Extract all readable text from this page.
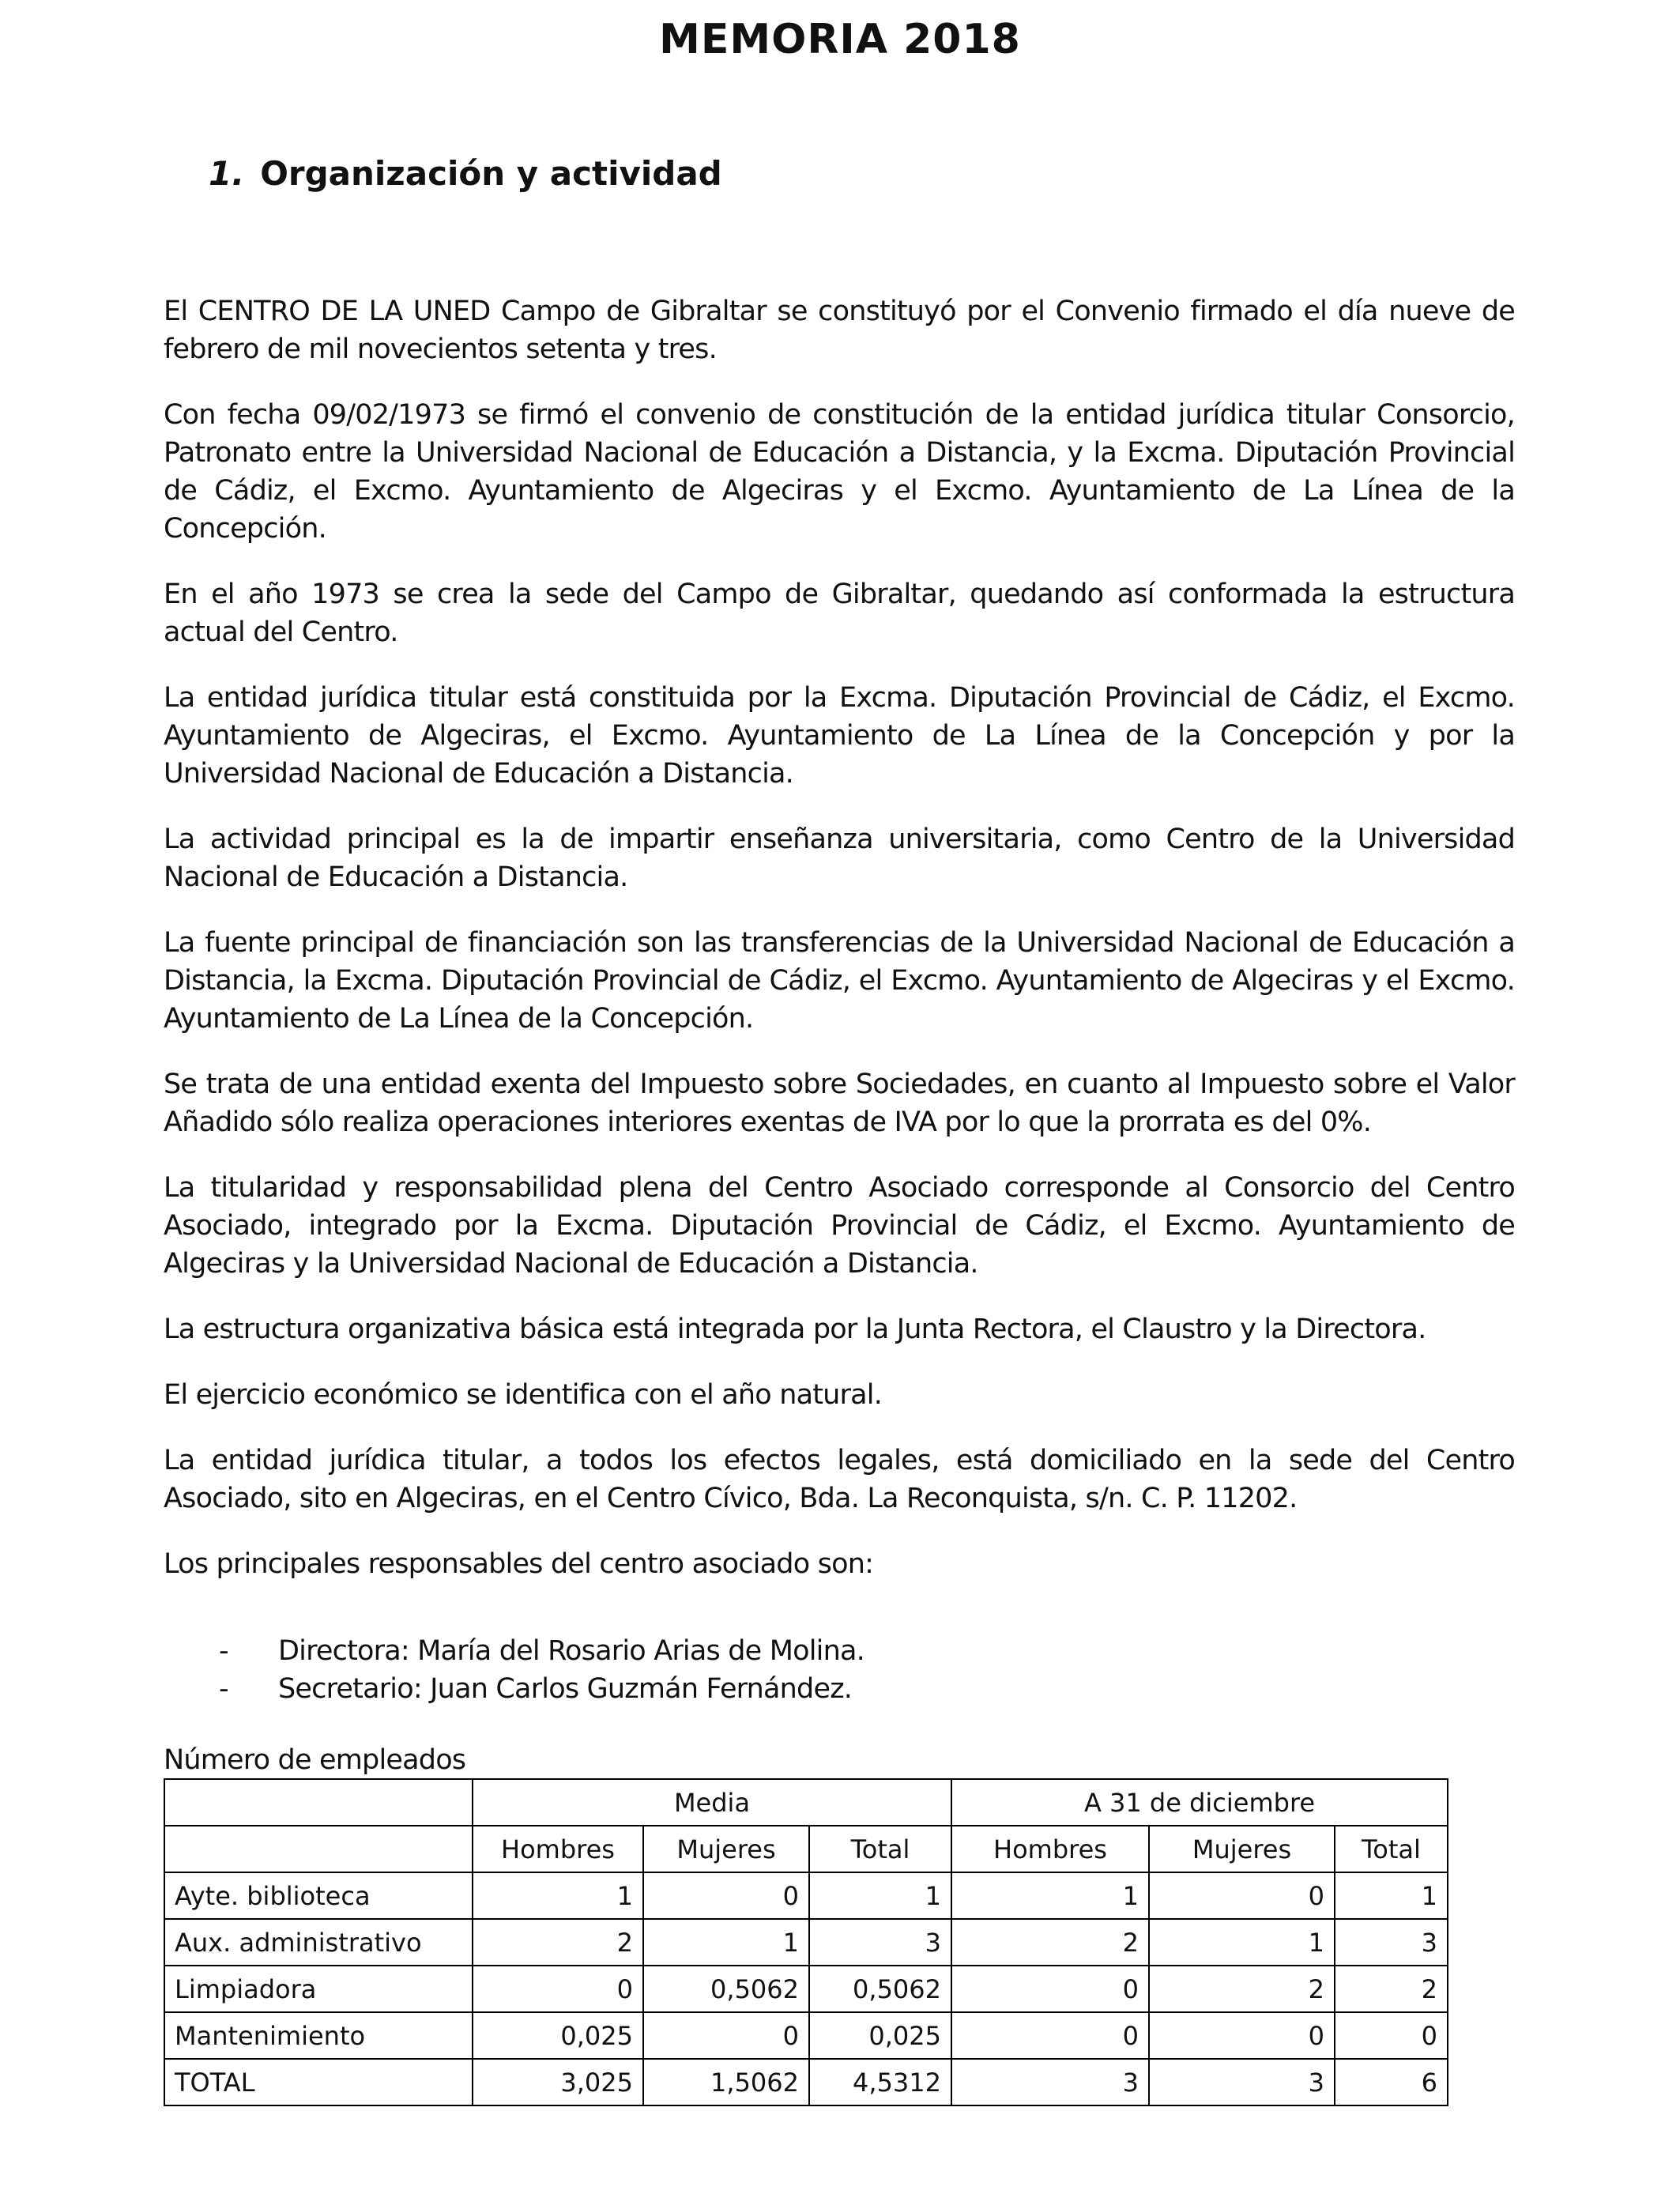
MEMORIA 2018
1. Organización y actividad

El CENTRO DE LA UNED Campo de Gibraltar se constituyó por el Convenio firmado el día nueve de febrero de mil novecientos setenta y tres.

Con fecha 09/02/1973 se firmó el convenio de constitución de la entidad jurídica titular Consorcio, Patronato entre la Universidad Nacional de Educación a Distancia, y la Excma. Diputación Provincial de Cádiz, el Excmo. Ayuntamiento de Algeciras y el Excmo. Ayuntamiento de La Línea de la Concepción.

En el año 1973 se crea la sede del Campo de Gibraltar, quedando así conformada la estructura actual del Centro.

La entidad jurídica titular está constituida por la Excma. Diputación Provincial de Cádiz, el Excmo. Ayuntamiento de Algeciras, el Excmo. Ayuntamiento de La Línea de la Concepción y por la Universidad Nacional de Educación a Distancia.

La actividad principal es la de impartir enseñanza universitaria, como Centro de la Universidad Nacional de Educación a Distancia.

La fuente principal de financiación son las transferencias de la Universidad Nacional de Educación a Distancia, la Excma. Diputación Provincial de Cádiz, el Excmo. Ayuntamiento de Algeciras y el Excmo. Ayuntamiento de La Línea de la Concepción.

Se trata de una entidad exenta del Impuesto sobre Sociedades, en cuanto al Impuesto sobre el Valor Añadido sólo realiza operaciones interiores exentas de IVA por lo que la prorrata es del 0%.

La titularidad y responsabilidad plena del Centro Asociado corresponde al Consorcio del Centro Asociado, integrado por la Excma. Diputación Provincial de Cádiz, el Excmo. Ayuntamiento de Algeciras y la Universidad Nacional de Educación a Distancia.

La estructura organizativa básica está integrada por la Junta Rectora, el Claustro y la Directora.

El ejercicio económico se identifica con el año natural.

La entidad jurídica titular, a todos los efectos legales, está domiciliado en la sede del Centro Asociado, sito en Algeciras, en el Centro Cívico, Bda. La Reconquista, s/n. C. P. 11202.

Los principales responsables del centro asociado son:

-	Directora: María del Rosario Arias de Molina.
-	Secretario: Juan Carlos Guzmán Fernández.
Número de empleados
	Media			A 31 de diciembre		
	Hombres	Mujeres	Total	Hombres	Mujeres	Total
Ayte. biblioteca	1	0	1	1	0	1
Aux. administrativo	2	1	3	2	1	3
Limpiadora	0	0,5062	0,5062	0	2	2
Mantenimiento	0,025	0	0,025	0	0	0
TOTAL	3,025	1,5062	4,5312	3	3	6
